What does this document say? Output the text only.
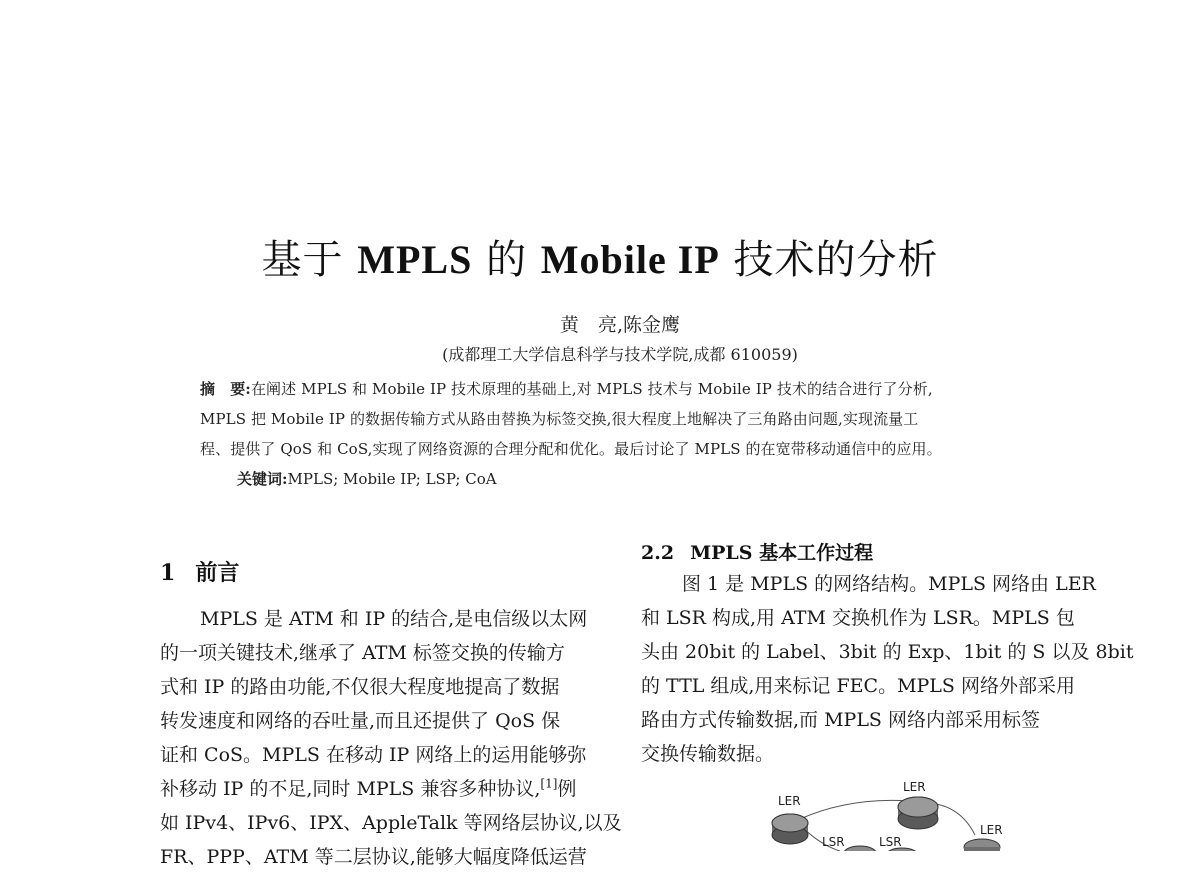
基于 MPLS 的 Mobile IP 技术的分析
黄　亮,陈金鹰
(成都理工大学信息科学与技术学院,成都 610059)
摘　要:在阐述 MPLS 和 Mobile IP 技术原理的基础上,对 MPLS 技术与 Mobile IP 技术的结合进行了分析,
MPLS 把 Mobile IP 的数据传输方式从路由替换为标签交换,很大程度上地解决了三角路由问题,实现流量工
程、提供了 QoS 和 CoS,实现了网络资源的合理分配和优化。最后讨论了 MPLS 的在宽带移动通信中的应用。
关键词:MPLS; Mobile IP; LSP; CoA
1 前言
MPLS 是 ATM 和 IP 的结合,是电信级以太网
的一项关键技术,继承了 ATM 标签交换的传输方
式和 IP 的路由功能,不仅很大程度地提高了数据
转发速度和网络的吞吐量,而且还提供了 QoS 保
证和 CoS。MPLS 在移动 IP 网络上的运用能够弥
补移动 IP 的不足,同时 MPLS 兼容多种协议,[1]例
如 IPv4、IPv6、IPX、AppleTalk 等网络层协议,以及
FR、PPP、ATM 等二层协议,能够大幅度降低运营
2.2 MPLS 基本工作过程
图 1 是 MPLS 的网络结构。MPLS 网络由 LER
和 LSR 构成,用 ATM 交换机作为 LSR。MPLS 包
头由 20bit 的 Label、3bit 的 Exp、1bit 的 S 以及 8bit
的 TTL 组成,用来标记 FEC。MPLS 网络外部采用
路由方式传输数据,而 MPLS 网络内部采用标签
交换传输数据。
LER
LER
LER
LSR	LSR
